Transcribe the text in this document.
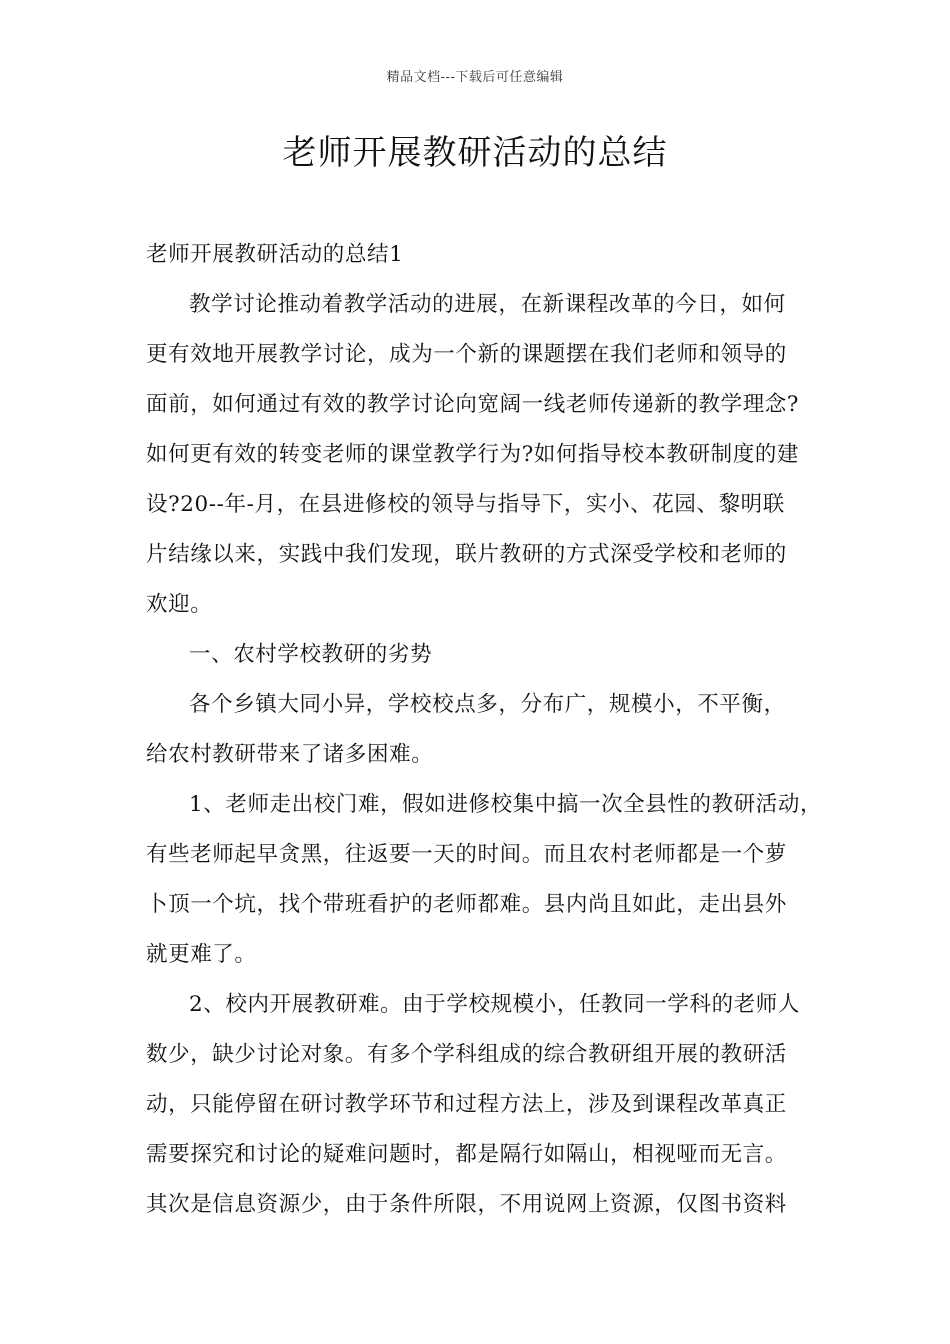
精品文档---下载后可任意编辑
老师开展教研活动的总结
老师开展教研活动的总结1
教学讨论推动着教学活动的进展，在新课程改革的今日，如何
更有效地开展教学讨论，成为一个新的课题摆在我们老师和领导的
面前，如何通过有效的教学讨论向宽阔一线老师传递新的教学理念?
如何更有效的转变老师的课堂教学行为?如何指导校本教研制度的建
设?20--年-月，在县进修校的领导与指导下，实小、花园、黎明联
片结缘以来，实践中我们发现，联片教研的方式深受学校和老师的
欢迎。
一、农村学校教研的劣势
各个乡镇大同小异，学校校点多，分布广，规模小，不平衡，
给农村教研带来了诸多困难。
1、老师走出校门难，假如进修校集中搞一次全县性的教研活动，
有些老师起早贪黑，往返要一天的时间。而且农村老师都是一个萝
卜顶一个坑，找个带班看护的老师都难。县内尚且如此，走出县外
就更难了。
2、校内开展教研难。由于学校规模小，任教同一学科的老师人
数少，缺少讨论对象。有多个学科组成的综合教研组开展的教研活
动，只能停留在研讨教学环节和过程方法上，涉及到课程改革真正
需要探究和讨论的疑难问题时，都是隔行如隔山，相视哑而无言。
其次是信息资源少，由于条件所限，不用说网上资源，仅图书资料
